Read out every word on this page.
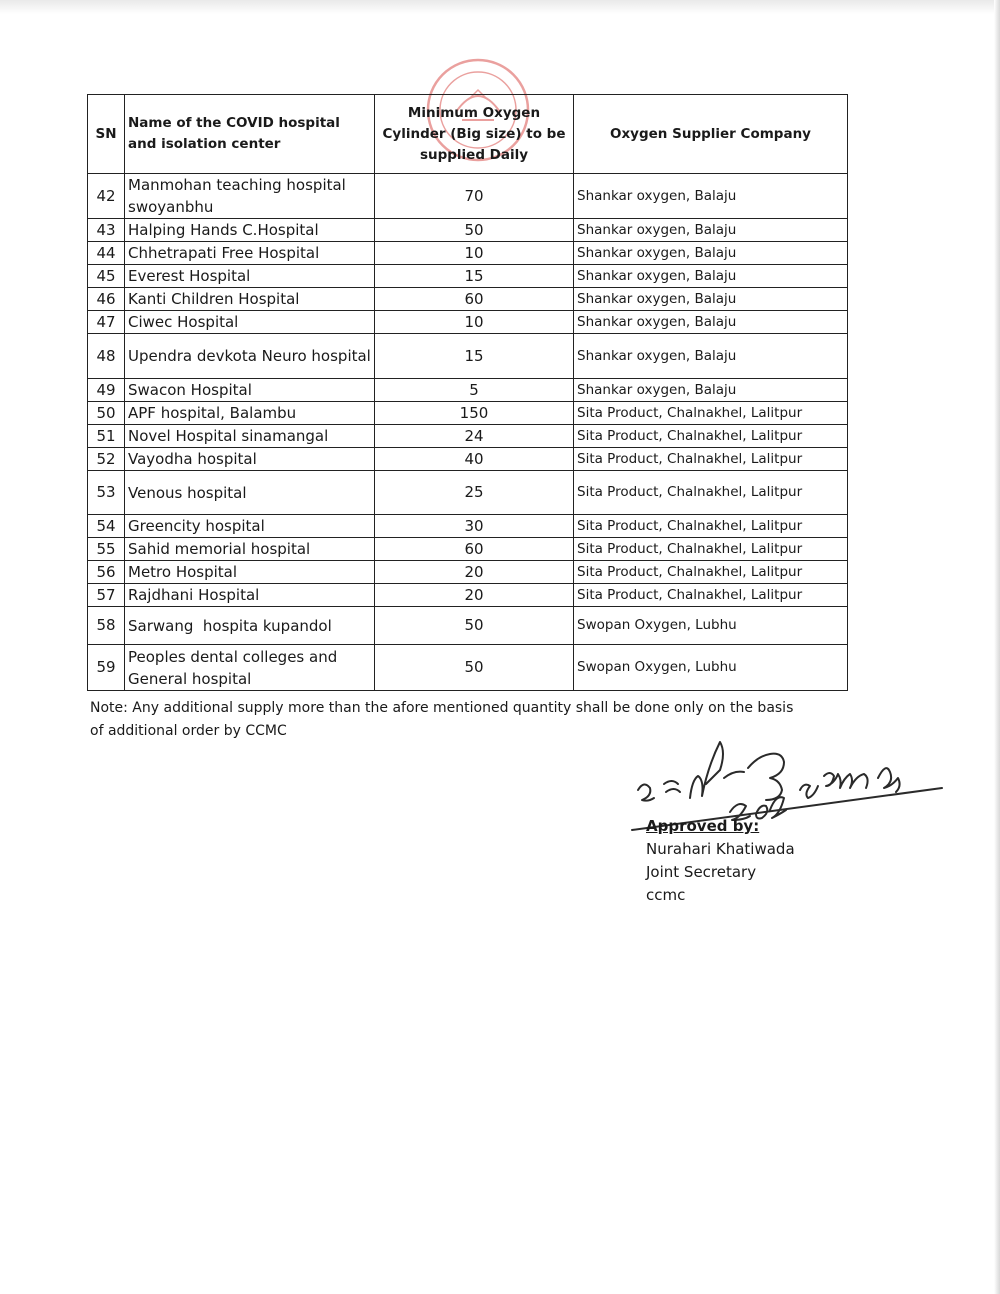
SN	Name of the COVID hospital and isolation center	Minimum Oxygen Cylinder (Big size) to be supplied Daily	Oxygen Supplier Company
42	Manmohan teaching hospital swoyanbhu	70	Shankar oxygen, Balaju
43	Halping Hands C.Hospital	50	Shankar oxygen, Balaju
44	Chhetrapati Free Hospital	10	Shankar oxygen, Balaju
45	Everest Hospital	15	Shankar oxygen, Balaju
46	Kanti Children Hospital	60	Shankar oxygen, Balaju
47	Ciwec Hospital	10	Shankar oxygen, Balaju
48	Upendra devkota Neuro hospital	15	Shankar oxygen, Balaju
49	Swacon Hospital	5	Shankar oxygen, Balaju
50	APF hospital, Balambu	150	Sita Product, Chalnakhel, Lalitpur
51	Novel Hospital sinamangal	24	Sita Product, Chalnakhel, Lalitpur
52	Vayodha hospital	40	Sita Product, Chalnakhel, Lalitpur
53	Venous hospital	25	Sita Product, Chalnakhel, Lalitpur
54	Greencity hospital	30	Sita Product, Chalnakhel, Lalitpur
55	Sahid memorial hospital	60	Sita Product, Chalnakhel, Lalitpur
56	Metro Hospital	20	Sita Product, Chalnakhel, Lalitpur
57	Rajdhani Hospital	20	Sita Product, Chalnakhel, Lalitpur
58	Sarwang  hospita kupandol	50	Swopan Oxygen, Lubhu
59	Peoples dental colleges and General hospital	50	Swopan Oxygen, Lubhu
Note: Any additional supply more than the afore mentioned quantity shall be done only on the basis of additional order by CCMC
Approved by:
Nurahari Khatiwada
Joint Secretary
ccmc
